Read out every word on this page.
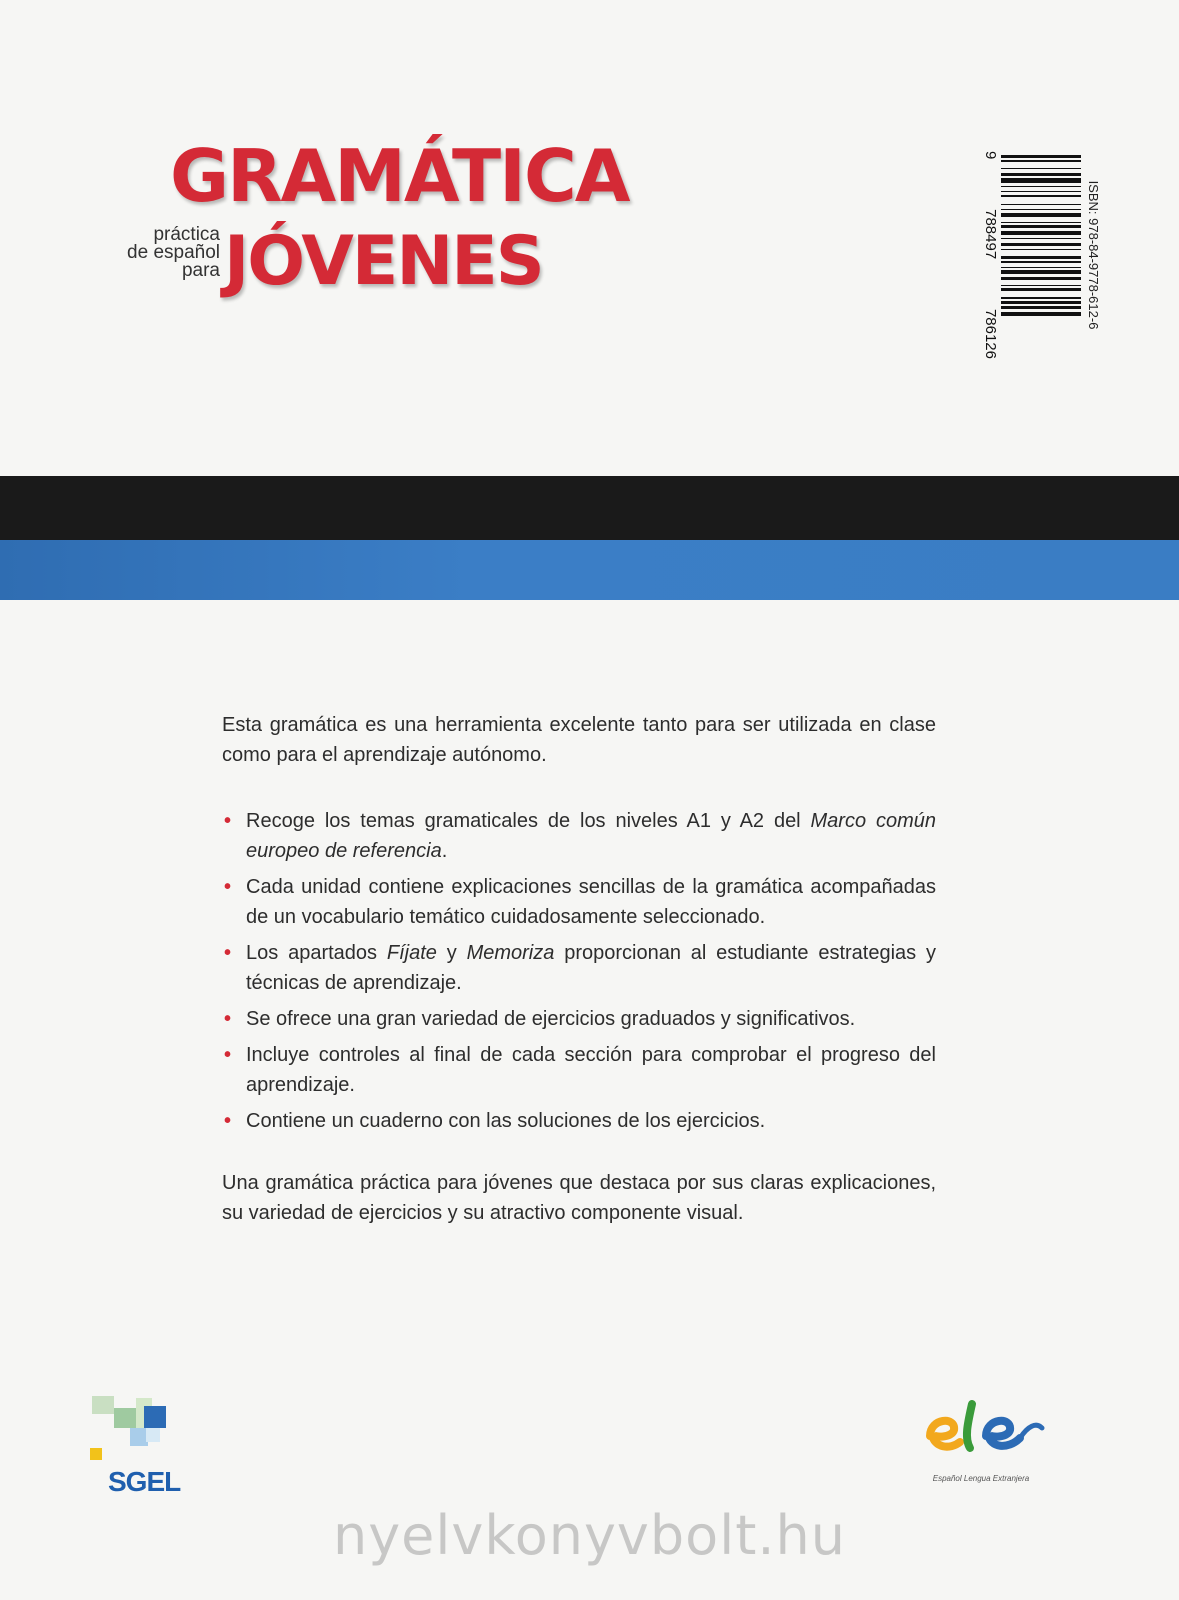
GRAMÁTICA
práctica
de español
para JÓVENES	ISBN: 978-84-9778-612-6
9
788497
786126

Esta gramática es una herramienta excelente tanto para ser utilizada en clase como para el aprendizaje autónomo.

• Recoge los temas gramaticales de los niveles A1 y A2 del Marco común europeo de referencia.
• Cada unidad contiene explicaciones sencillas de la gramática acompañadas de un vocabulario temático cuidadosamente seleccionado.
• Los apartados Fíjate y Memoriza proporcionan al estudiante estrategias y técnicas de aprendizaje.
• Se ofrece una gran variedad de ejercicios graduados y significativos.
• Incluye controles al final de cada sección para comprobar el progreso del aprendizaje.
• Contiene un cuaderno con las soluciones de los ejercicios.

Una gramática práctica para jóvenes que destaca por sus claras explicaciones, su variedad de ejercicios y su atractivo componente visual.

SGEL	Español Lengua Extranjera
nyelvkonyvbolt.hu
